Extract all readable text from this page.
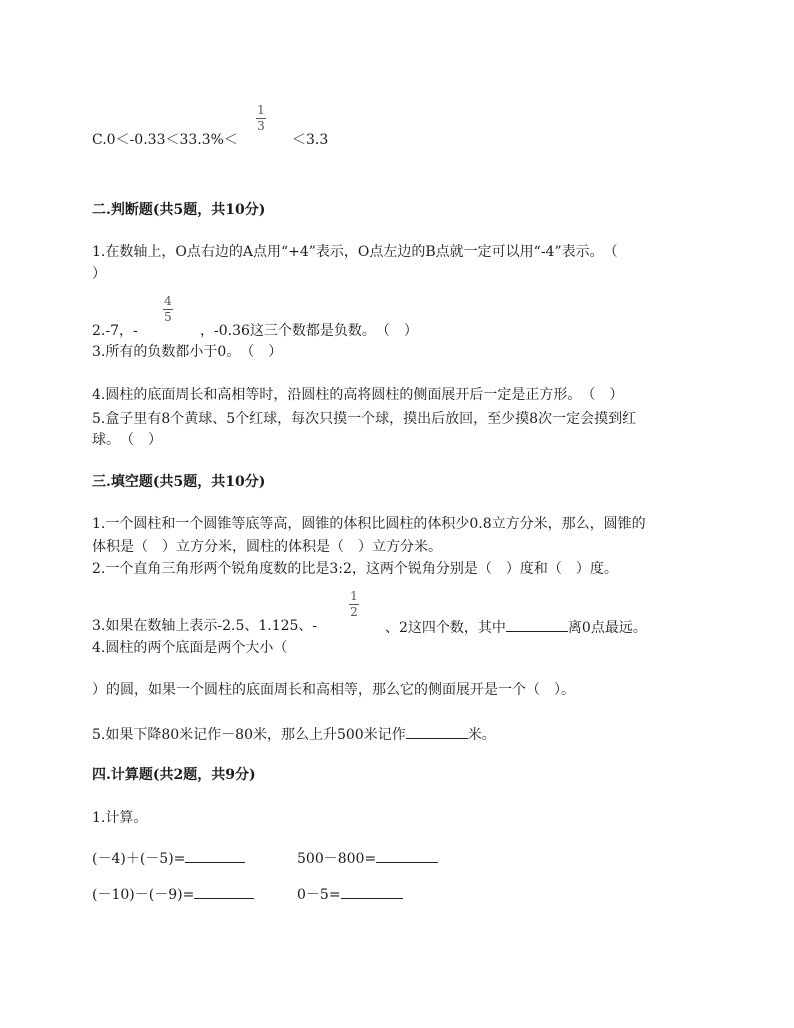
C.0＜-0.33＜33.3%＜
1
3
＜3.3
二.判断题(共5题，共10分)
1.在数轴上，O点右边的A点用“+4”表示，O点左边的B点就一定可以用“-4”表示。　（
）
2.-7，-
4
5
，-0.36这三个数都是负数。　（　）
3.所有的负数都小于0。　（　）
4.圆柱的底面周长和高相等时，沿圆柱的高将圆柱的侧面展开后一定是正方形。　（　）
5.盒子里有8个黄球、5个红球，每次只摸一个球，摸出后放回，至少摸8次一定会摸到红
球。　（　）
三.填空题(共5题，共10分)
1.一个圆柱和一个圆锥等底等高，圆锥的体积比圆柱的体积少0.8立方分米，那么，圆锥的
体积是（　）立方分米，圆柱的体积是（　）立方分米。
2.一个直角三角形两个锐角度数的比是3:2，这两个锐角分别是（　）度和（　）度。
3.如果在数轴上表示-2.5、1.125、-
1
2
、2这四个数，其中	离0点最远。
4.圆柱的两个底面是两个大小（
）的圆，如果一个圆柱的底面周长和高相等，那么它的侧面展开是一个（　）。
5.如果下降80米记作－80米，那么上升500米记作	米。
四.计算题(共2题，共9分)
1.计算。
(－4)＋(－5)=	500－800=
(－10)－(－9)=	0－5=
